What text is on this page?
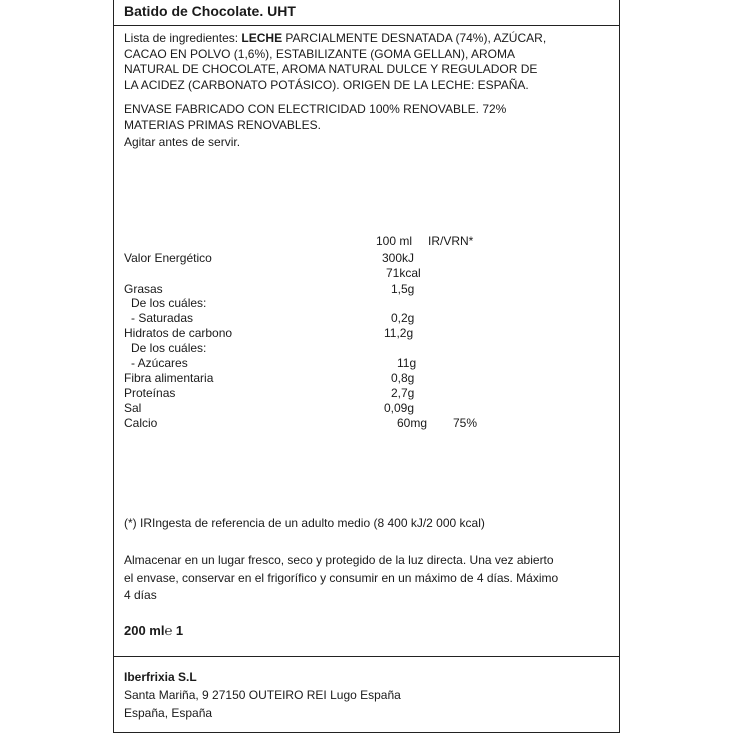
Batido de Chocolate. UHT
Lista de ingredientes: LECHE PARCIALMENTE DESNATADA (74%), AZÚCAR,
CACAO EN POLVO (1,6%), ESTABILIZANTE (GOMA GELLAN), AROMA
NATURAL DE CHOCOLATE, AROMA NATURAL DULCE Y REGULADOR DE
LA ACIDEZ (CARBONATO POTÁSICO). ORIGEN DE LA LECHE: ESPAÑA.
ENVASE FABRICADO CON ELECTRICIDAD 100% RENOVABLE. 72%
MATERIAS PRIMAS RENOVABLES.
Agitar antes de servir.
100 ml IR/VRN*
Valor Energético	300kJ
71kcal
Grasas	1,5g
De los cuáles:
- Saturadas	0,2g
Hidratos de carbono	11,2g
De los cuáles:
- Azúcares	11g
Fibra alimentaria	0,8g
Proteínas	2,7g
Sal	0,09g
Calcio	60mg 75%
(*) IRIngesta de referencia de un adulto medio (8 400 kJ/2 000 kcal)
Almacenar en un lugar fresco, seco y protegido de la luz directa. Una vez abierto
el envase, conservar en el frigorífico y consumir en un máximo de 4 días. Máximo
4 días
200 ml℮ 1
Iberfrixia S.L
Santa Mariña, 9 27150 OUTEIRO REI Lugo España
España, España
